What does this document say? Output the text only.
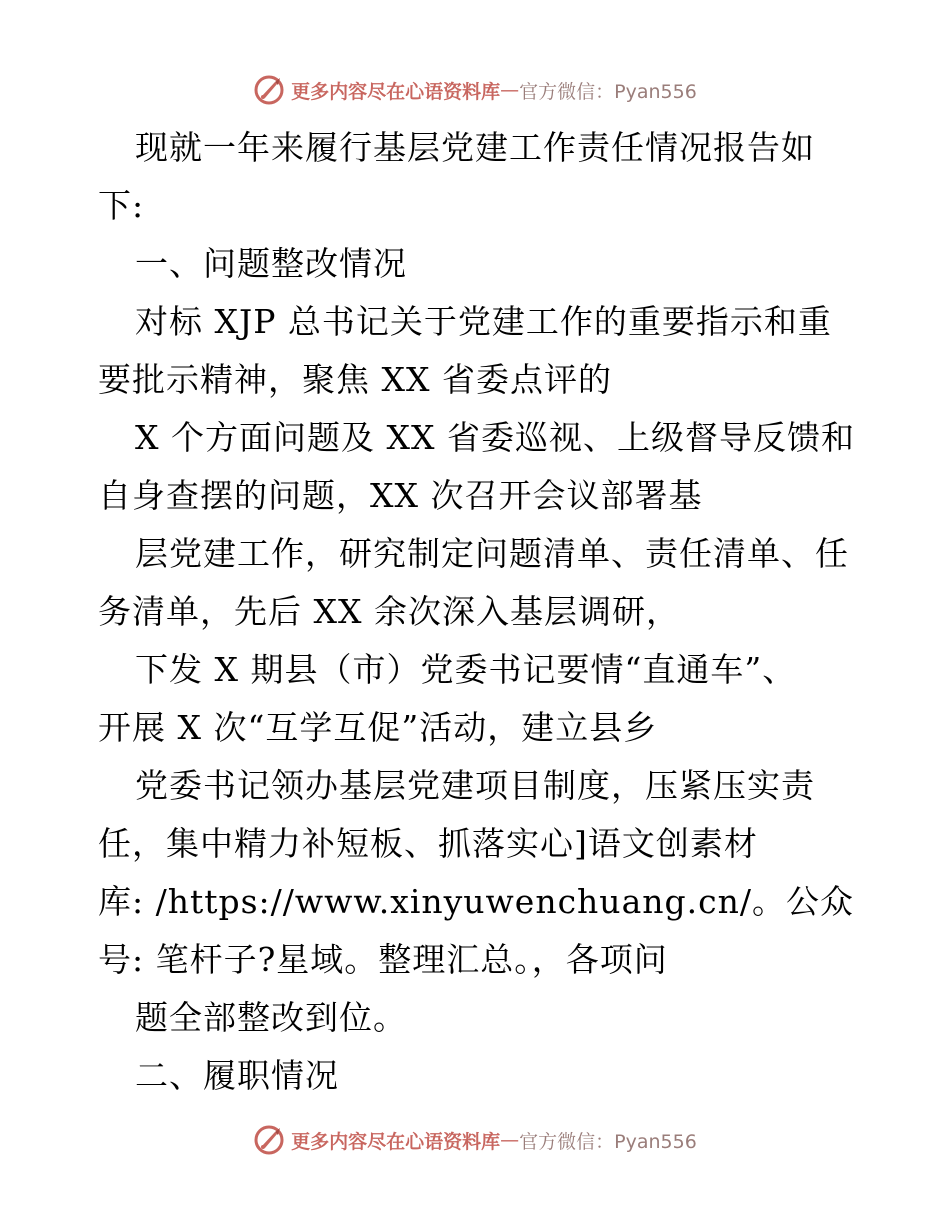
更多内容尽在心语资料库 — 官方微信：Pyan556
现就一年来履行基层党建工作责任情况报告如
下:
一、问题整改情况
对标 XJP 总书记关于党建工作的重要指示和重
要批示精神，聚焦 XX 省委点评的
X 个方面问题及 XX 省委巡视、上级督导反馈和
自身查摆的问题，XX 次召开会议部署基
层党建工作，研究制定问题清单、责任清单、任
务清单，先后 XX 余次深入基层调研，
下发 X 期县（市）党委书记要情“直通车”、
开展 X 次“互学互促”活动，建立县乡
党委书记领办基层党建项目制度，压紧压实责
任，集中精力补短板、抓落实心]语文创素材
库: /https://www.xinyuwenchuang.cn/。公众
号: 笔杆子?星域。整理汇总。，各项问
题全部整改到位。
二、履职情况
更多内容尽在心语资料库 — 官方微信：Pyan556
